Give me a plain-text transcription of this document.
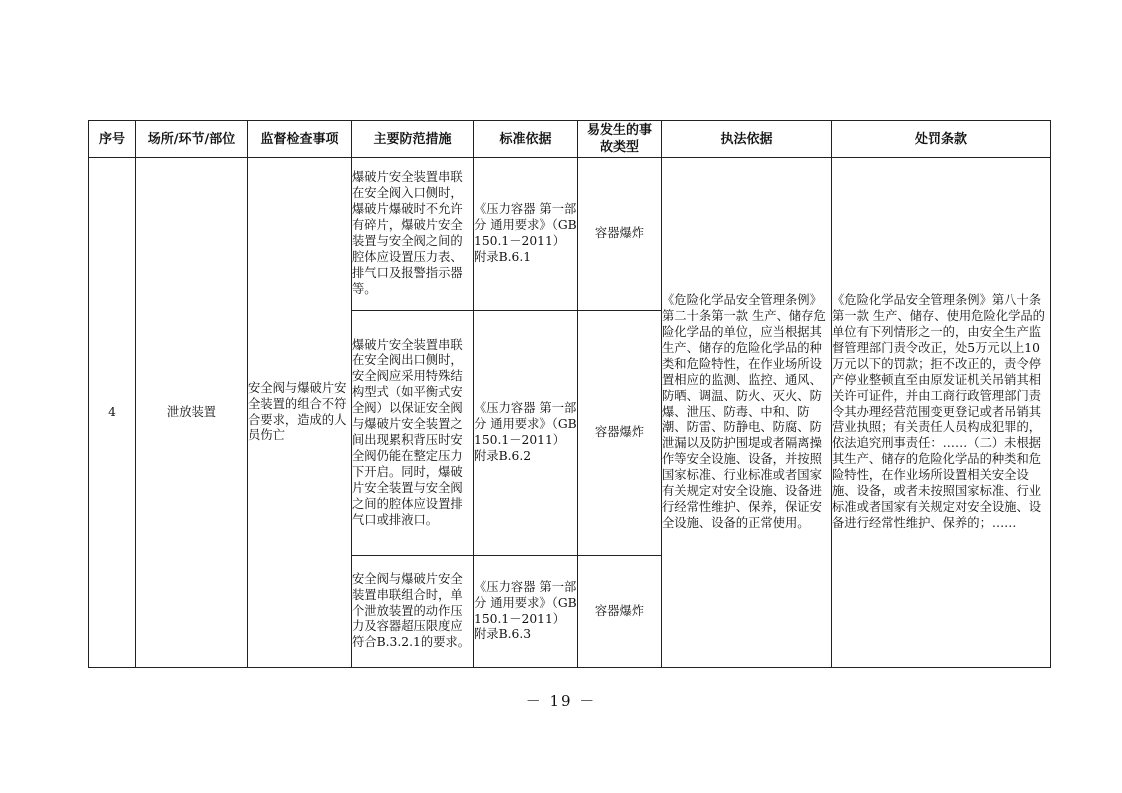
序号	场所/环节/部位	监督检查事项	主要防范措施	标准依据	易发生的事故类型	执法依据	处罚条款
4	泄放装置	安全阀与爆破片安全装置的组合不符合要求，造成的人员伤亡	爆破片安全装置串联在安全阀入口侧时，爆破片爆破时不允许有碎片，爆破片安全装置与安全阀之间的腔体应设置压力表、排气口及报警指示器等。	《压力容器 第一部分 通用要求》（GB 150.1－2011）附录B.6.1	容器爆炸	《危险化学品安全管理条例》第二十条第一款 生产、储存危险化学品的单位，应当根据其生产、储存的危险化学品的种类和危险特性，在作业场所设置相应的监测、监控、通风、防晒、调温、防火、灭火、防爆、泄压、防毒、中和、防潮、防雷、防静电、防腐、防泄漏以及防护围堤或者隔离操作等安全设施、设备，并按照国家标准、行业标准或者国家有关规定对安全设施、设备进行经常性维护、保养，保证安全设施、设备的正常使用。	《危险化学品安全管理条例》第八十条第一款 生产、储存、使用危险化学品的单位有下列情形之一的，由安全生产监督管理部门责令改正，处5万元以上10万元以下的罚款；拒不改正的，责令停产停业整顿直至由原发证机关吊销其相关许可证件，并由工商行政管理部门责令其办理经营范围变更登记或者吊销其营业执照；有关责任人员构成犯罪的，依法追究刑事责任：……（二）未根据其生产、储存的危险化学品的种类和危险特性，在作业场所设置相关安全设施、设备，或者未按照国家标准、行业标准或者国家有关规定对安全设施、设备进行经常性维护、保养的；……
			爆破片安全装置串联在安全阀出口侧时，安全阀应采用特殊结构型式（如平衡式安全阀）以保证安全阀与爆破片安全装置之间出现累积背压时安全阀仍能在整定压力下开启。同时，爆破片安全装置与安全阀之间的腔体应设置排气口或排液口。	《压力容器 第一部分 通用要求》（GB 150.1－2011）附录B.6.2	容器爆炸		
			安全阀与爆破片安全装置串联组合时，单个泄放装置的动作压力及容器超压限度应符合B.3.2.1的要求。	《压力容器 第一部分 通用要求》（GB 150.1－2011）附录B.6.3	容器爆炸		
－ 19 －
